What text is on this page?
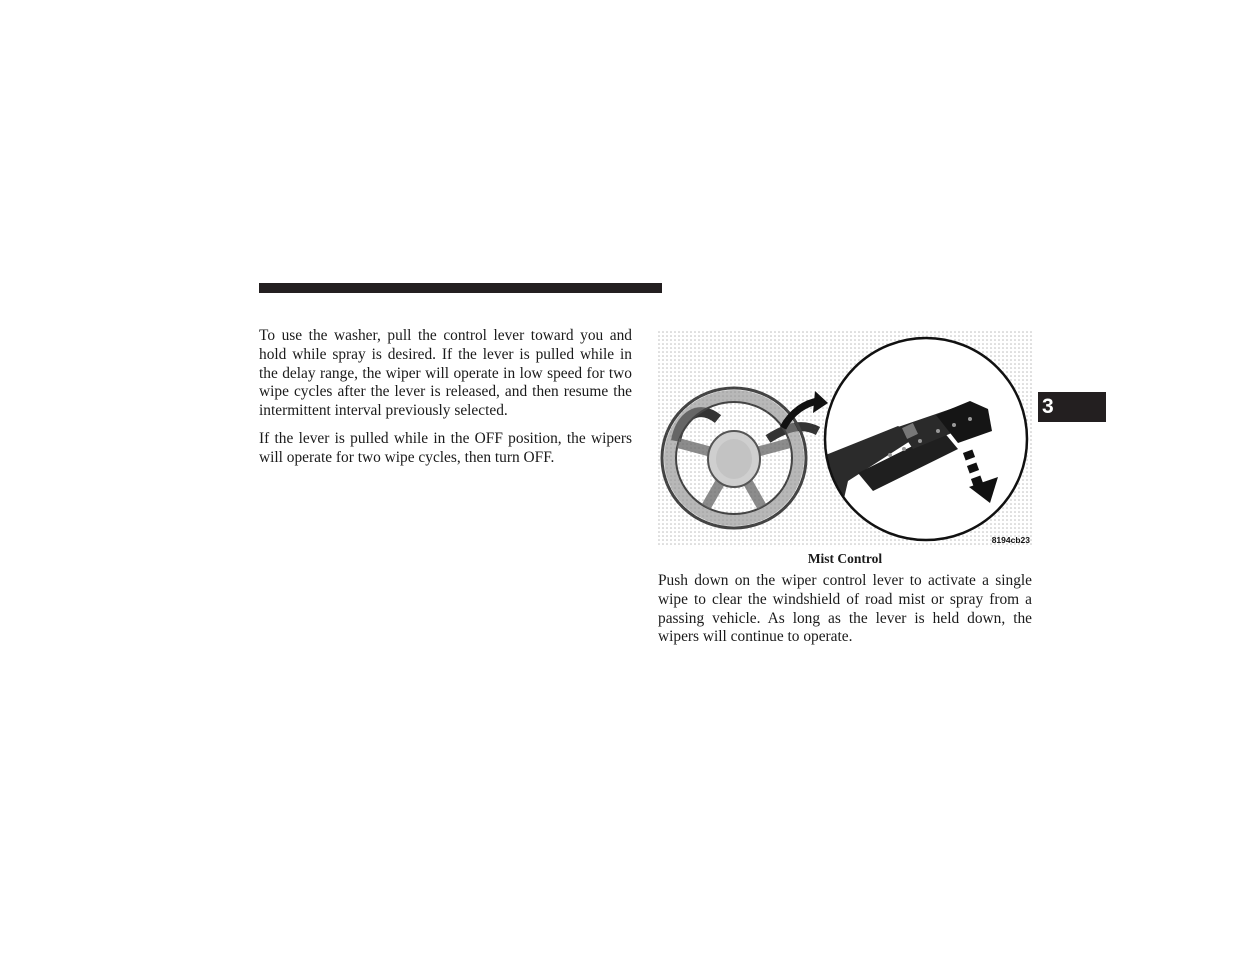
To use the washer, pull the control lever toward you and hold while spray is desired. If the lever is pulled while in the delay range, the wiper will operate in low speed for two wipe cycles after the lever is released, and then resume the intermittent interval previously selected.

If the lever is pulled while in the OFF position, the wipers will operate for two wipe cycles, then turn OFF.

8194cb23
Mist Control

Push down on the wiper control lever to activate a single wipe to clear the windshield of road mist or spray from a passing vehicle. As long as the lever is held down, the wipers will continue to operate.

3
